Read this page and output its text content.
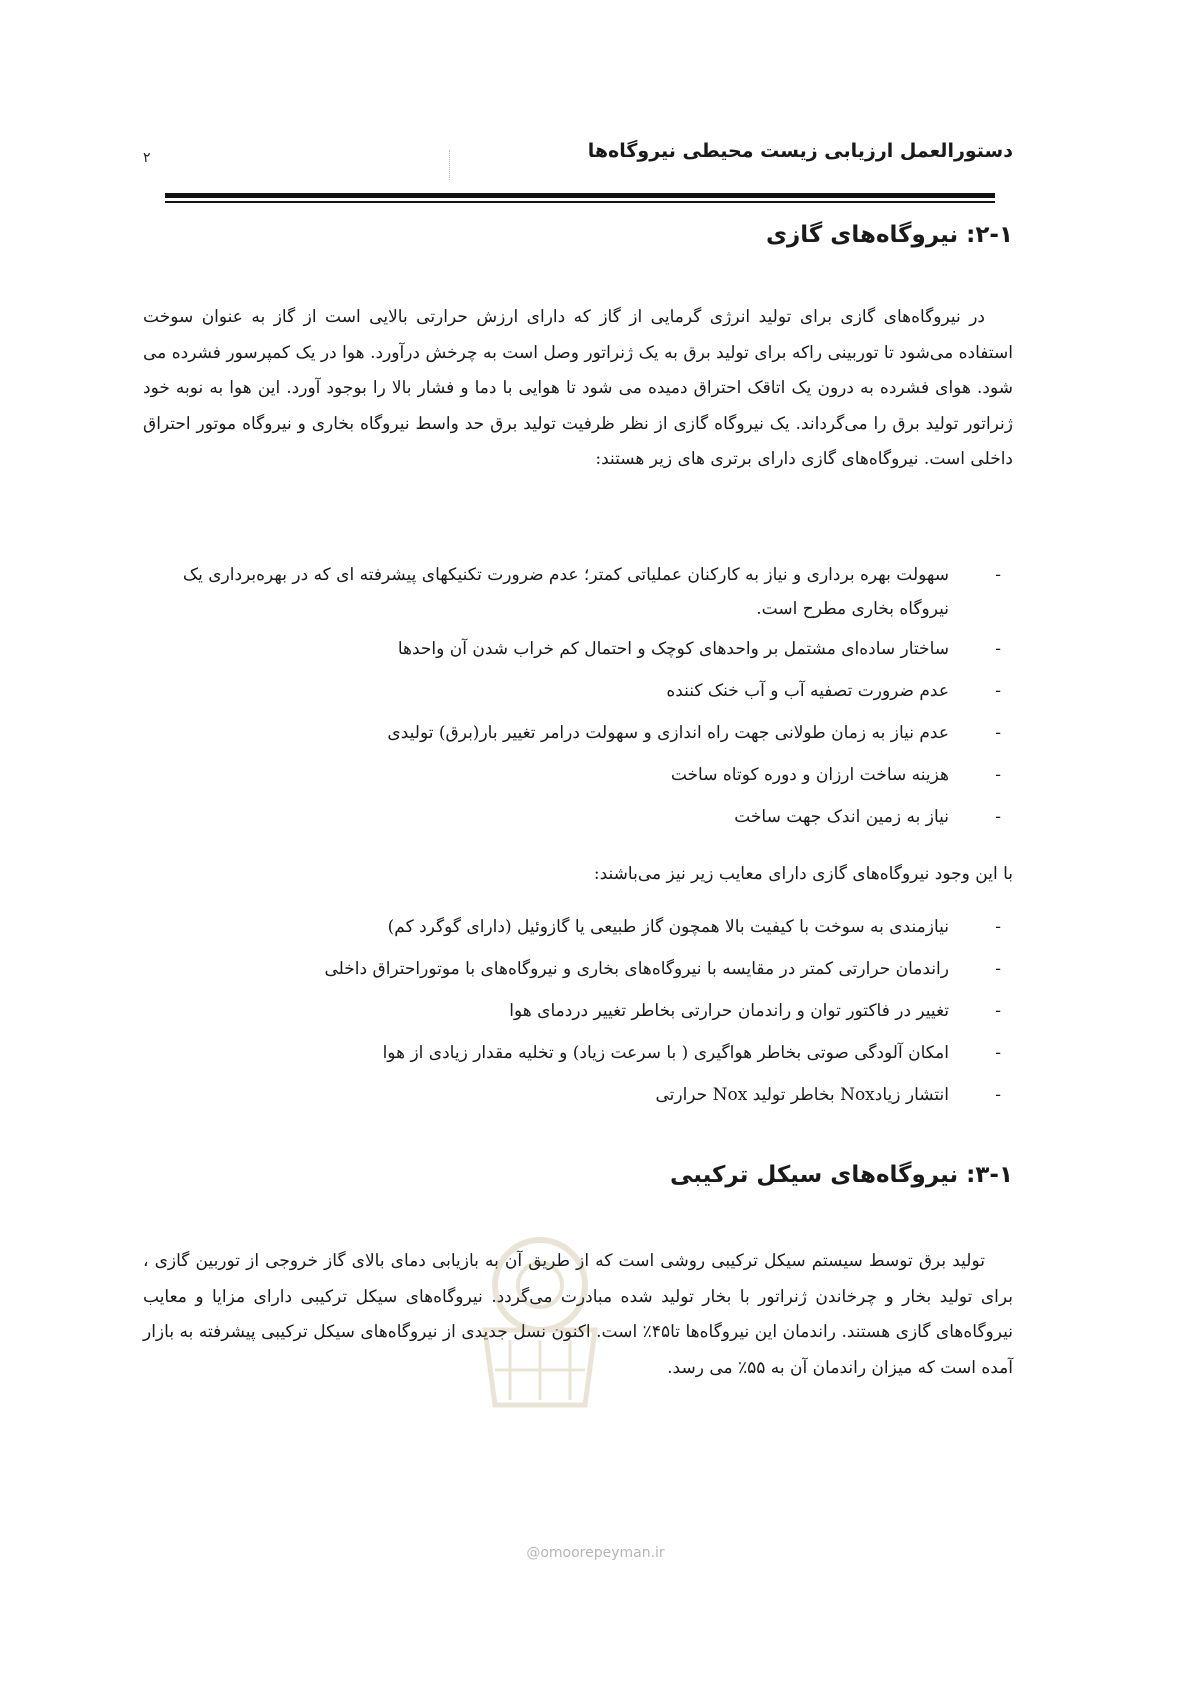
دستورالعمل ارزیابی زیست محیطی نیروگاه‌ها
۲
۲-۱: نیروگاه‌های گازی
در نیروگاه‌های گازی برای تولید انرژی گرمایی از گاز که دارای ارزش حرارتی بالایی است از گاز به عنوان سوخت استفاده می‌شود تا توربینی راکه برای تولید برق به یک ژنراتور وصل است به چرخش درآورد. هوا در یک کمپرسور فشرده می شود. هوای فشرده به درون یک اتاقک احتراق دمیده می شود تا هوایی با دما و فشار بالا را بوجود آورد. این هوا به نوبه خود ژنراتور تولید برق را می‌گرداند. یک نیروگاه گازی از نظر ظرفیت تولید برق حد واسط نیروگاه بخاری و نیروگاه موتور احتراق داخلی است. نیروگاه‌های گازی دارای برتری های زیر هستند:
-
سهولت بهره برداری و نیاز به کارکنان عملیاتی کمتر؛ عدم ضرورت تکنیکهای پیشرفته ای که در بهره‌برداری یک نیروگاه بخاری مطرح است.
-
ساختار ساده‌ای مشتمل بر واحدهای کوچک و احتمال کم خراب شدن آن واحدها
-
عدم ضرورت تصفیه آب و آب خنک کننده
-
عدم نیاز به زمان طولانی جهت راه اندازی و سهولت درامر تغییر بار(برق) تولیدی
-
هزینه ساخت ارزان و دوره کوتاه ساخت
-
نیاز به زمین اندک جهت ساخت
با این وجود نیروگاه‌های گازی دارای معایب زیر نیز می‌باشند:
-
نیازمندی به سوخت با کیفیت بالا همچون گاز طبیعی یا گازوئیل (دارای گوگرد کم)
-
راندمان حرارتی کمتر در مقایسه با نیروگاه‌های بخاری و نیروگاه‌های با موتوراحتراق داخلی
-
تغییر در فاکتور توان و راندمان حرارتی بخاطر تغییر دردمای هوا
-
امکان آلودگی صوتی بخاطر هواگیری ( با سرعت زیاد) و تخلیه مقدار زیادی از هوا
-
انتشار زیادNox بخاطر تولید Nox حرارتی
۳-۱: نیروگاه‌های سیکل ترکیبی
تولید برق توسط سیستم سیکل ترکیبی روشی است که از طریق آن به بازیابی دمای بالای گاز خروجی از توربین گازی ، برای تولید بخار و چرخاندن ژنراتور با بخار تولید شده مبادرت می‌گردد. نیروگاه‌های سیکل ترکیبی دارای مزایا و معایب نیروگاه‌های گازی هستند. راندمان این نیروگاه‌ها تا۴۵٪ است. اکنون نسل جدیدی از نیروگاه‌های سیکل ترکیبی پیشرفته به بازار آمده است که میزان راندمان آن به ۵۵٪ می رسد.
@omoorepeyman.ir
